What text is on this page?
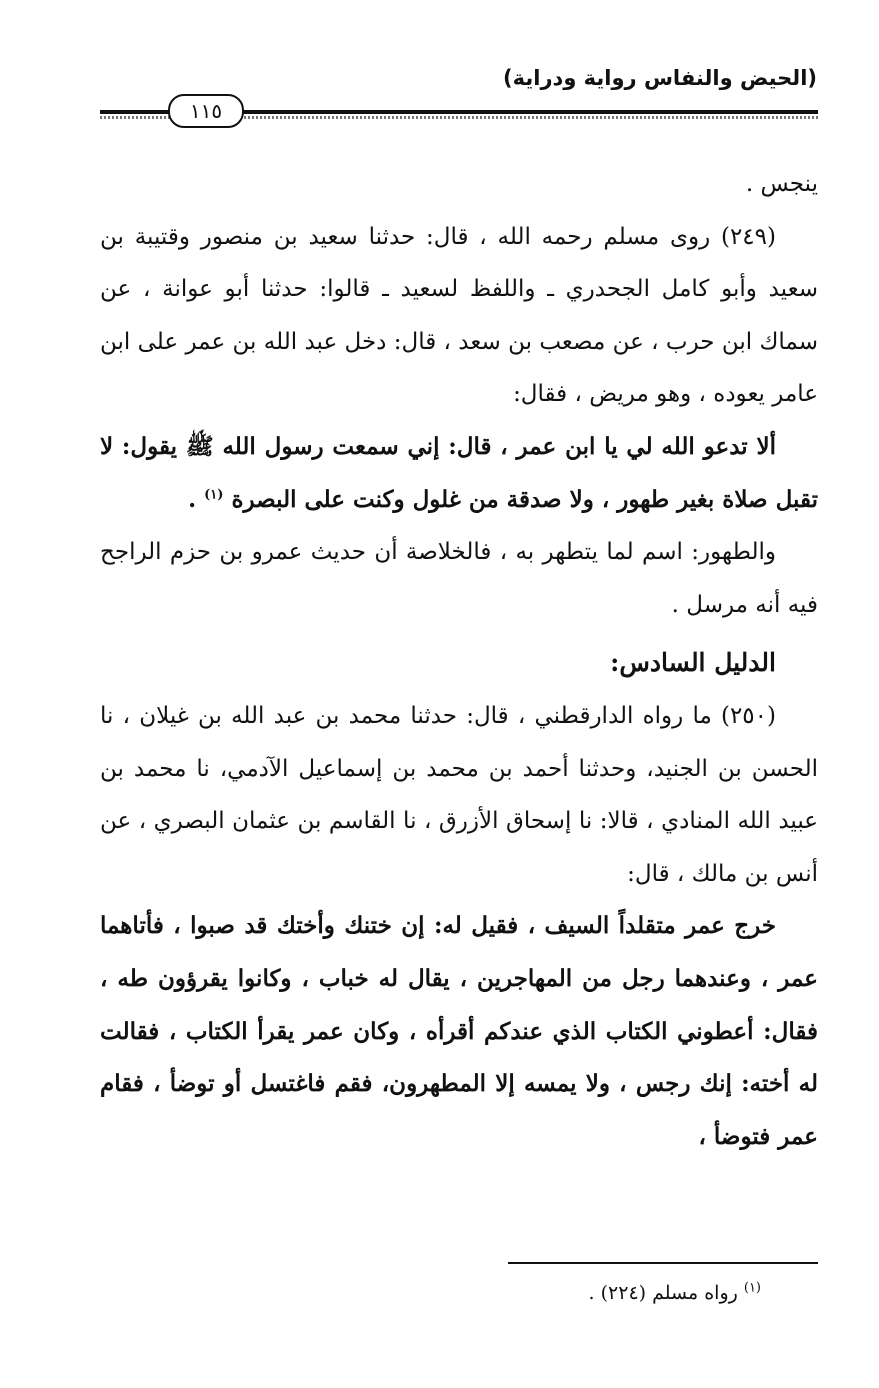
(الحيض والنفاس رواية ودراية)
١١٥

ينجس .

(٢٤٩) روى مسلم رحمه الله ، قال: حدثنا سعيد بن منصور وقتيبة بن سعيد وأبو كامل الجحدري ـ واللفظ لسعيد ـ قالوا: حدثنا أبو عوانة ، عن سماك ابن حرب ، عن مصعب بن سعد ، قال: دخل عبد الله بن عمر على ابن عامر يعوده ، وهو مريض ، فقال:

ألا تدعو الله لي يا ابن عمر ، قال: إني سمعت رسول الله ﷺ يقول: لا تقبل صلاة بغير طهور ، ولا صدقة من غلول وكنت على البصرة $^{(١)}$ .

والطهور: اسم لما يتطهر به ، فالخلاصة أن حديث عمرو بن حزم الراجح فيه أنه مرسل .

الدليل السادس:

(٢٥٠) ما رواه الدارقطني ، قال: حدثنا محمد بن عبد الله بن غيلان ، نا الحسن بن الجنيد، وحدثنا أحمد بن محمد بن إسماعيل الآدمي، نا محمد بن عبيد الله المنادي ، قالا: نا إسحاق الأزرق ، نا القاسم بن عثمان البصري ، عن أنس بن مالك ، قال:

خرج عمر متقلداً السيف ، فقيل له: إن ختنك وأختك قد صبوا ، فأتاهما عمر ، وعندهما رجل من المهاجرين ، يقال له خباب ، وكانوا يقرؤون طه ، فقال: أعطوني الكتاب الذي عندكم أقرأه ، وكان عمر يقرأ الكتاب ، فقالت له أخته: إنك رجس ، ولا يمسه إلا المطهرون، فقم فاغتسل أو توضأ ، فقام عمر فتوضأ ،

$^{(١)}$ رواه مسلم (٢٢٤) .
